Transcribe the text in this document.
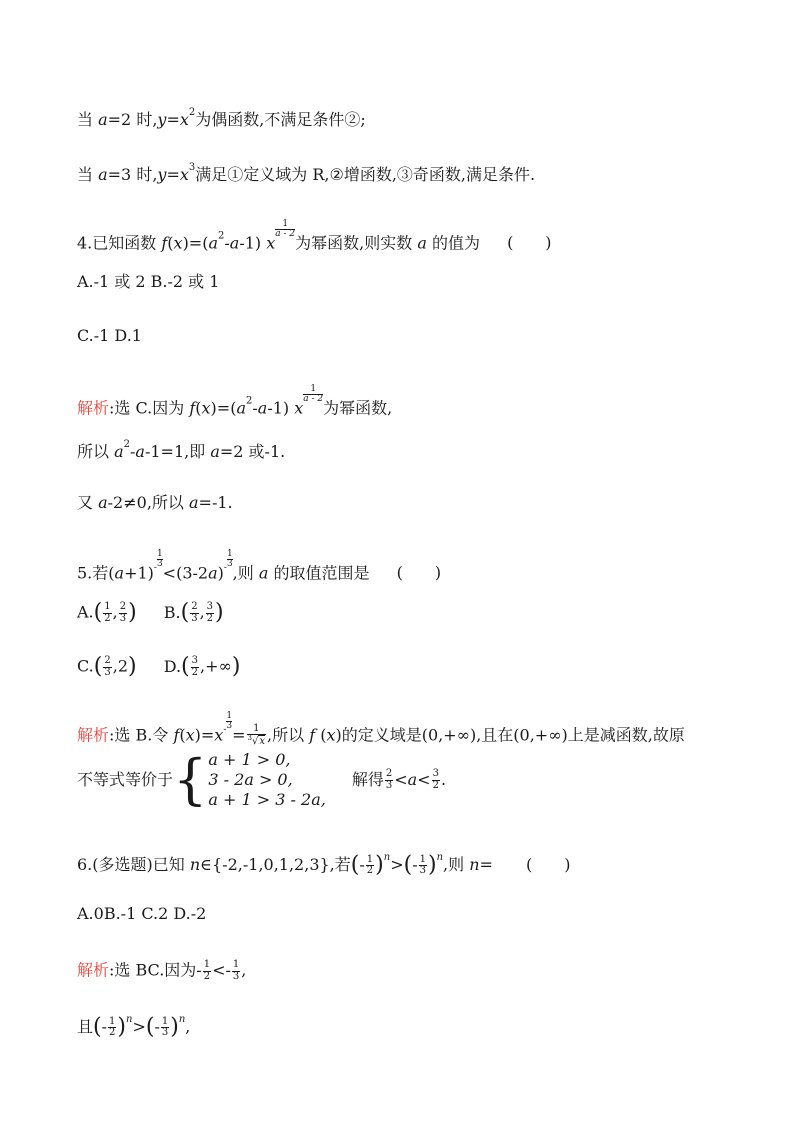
当 a=2 时$,y=x^2$为偶函数,不满足条件②;
当 a=3 时$,y=x^3$满足①定义域为 R,②增函数,③奇函数,满足条件.
4.已知函数 $f(x)=(a^2-a-1)$ x
$\frac{1}{a - 2}$
为幂函数,则实数 a 的值为 (　　)
A.-1 或 2 B.-2 或 1
C.-1 D.1
解析:选 C.因为 $f(x)=(a^2-a-1)$ x
$\frac{1}{a - 2}$
为幂函数,
所以 $a^2-a-1=1$,即 a=2 或-1.
又 a-2≠0,所以 a=-1.
5.若$(a+1)- \frac{1}{3}$
$<(3-2a)- \frac{1}{3}$
,则 a 的取值范围是 (　　)
$A.( \frac{1}{2}$ , $\frac{2}{3}$ ) $B.( \frac{2}{3}$ , $\frac{3}{2}$ )
$C.( \frac{2}{3} ,2)$ $D.( \frac{3}{2}$ ,+∞)
解析:选 B.令 $f(x)=x- \frac{1}{3}$
= $\frac{1}{^3√x}$ ,所以 f (x)的定义域是(0,+∞),且在(0,+∞)上是减函数,故原
不等式等价于 { a + 1 > 0,
3 - 2a > 0,
a + 1 > 3 - 2a,
解得 $\frac{2}{3} < a < \frac{3}{2}$ .
6.(多选题)已知 n∈{-2,-1,0,1,2,3},若(- $\frac{1}{2} )^n>(- \frac{1}{3} )^n$,则 n= (　　)
A.0B.-1 C.2 D.-2
解析:选 BC.因为- $\frac{1}{2} <- \frac{1}{3}$ ,
且(- $\frac{1}{2} )^n>(- \frac{1}{3} )^n$,
